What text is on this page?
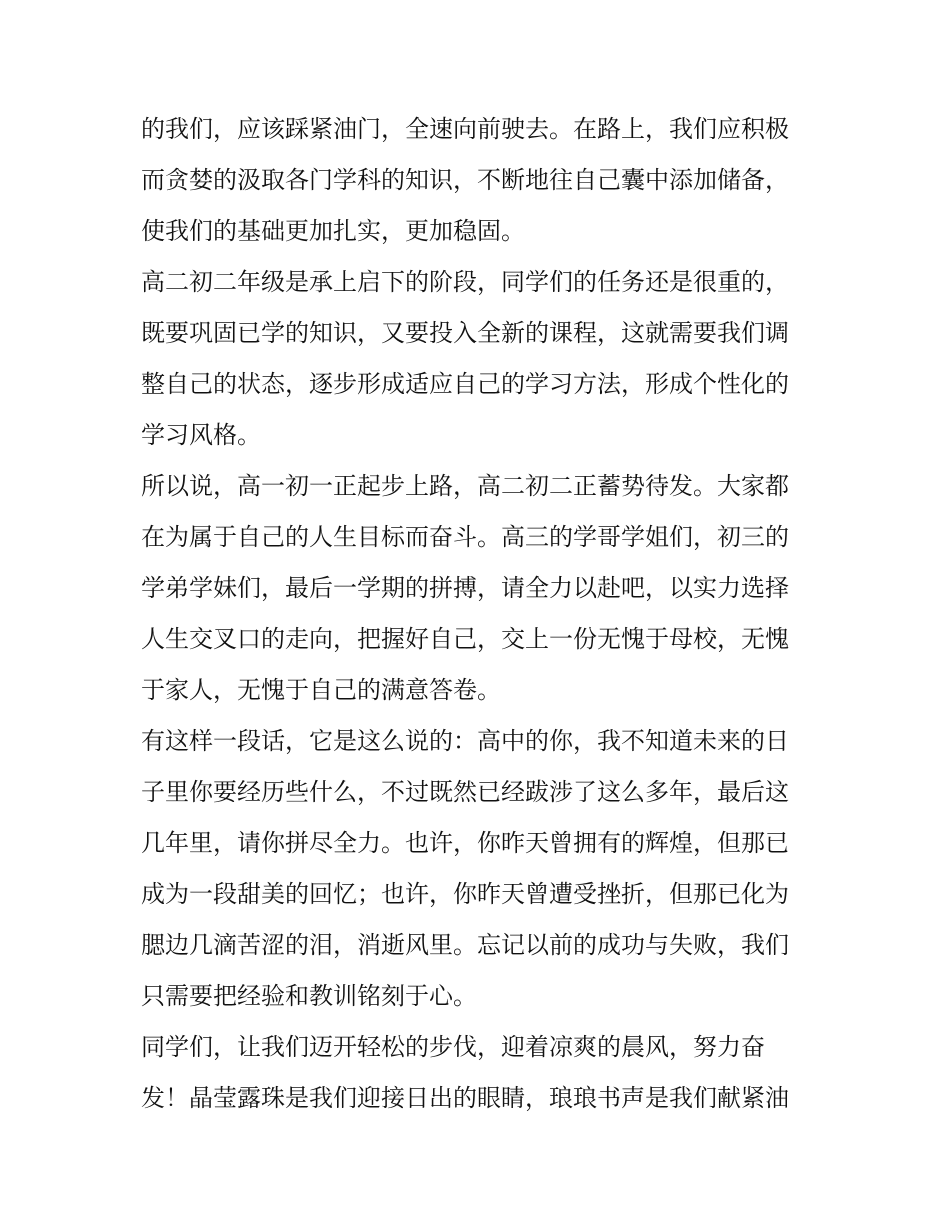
的我们，应该踩紧油门，全速向前驶去。在路上，我们应积极
而贪婪的汲取各门学科的知识，不断地往自己囊中添加储备，
使我们的基础更加扎实，更加稳固。
高二初二年级是承上启下的阶段，同学们的任务还是很重的，
既要巩固已学的知识，又要投入全新的课程，这就需要我们调
整自己的状态，逐步形成适应自己的学习方法，形成个性化的
学习风格。
所以说，高一初一正起步上路，高二初二正蓄势待发。大家都
在为属于自己的人生目标而奋斗。高三的学哥学姐们，初三的
学弟学妹们，最后一学期的拼搏，请全力以赴吧，以实力选择
人生交叉口的走向，把握好自己，交上一份无愧于母校，无愧
于家人，无愧于自己的满意答卷。
有这样一段话，它是这么说的：高中的你，我不知道未来的日
子里你要经历些什么，不过既然已经跋涉了这么多年，最后这
几年里，请你拼尽全力。也许，你昨天曾拥有的辉煌，但那已
成为一段甜美的回忆；也许，你昨天曾遭受挫折，但那已化为
腮边几滴苦涩的泪，消逝风里。忘记以前的成功与失败，我们
只需要把经验和教训铭刻于心。
同学们，让我们迈开轻松的步伐，迎着凉爽的晨风，努力奋
发！晶莹露珠是我们迎接日出的眼睛，琅琅书声是我们献紧油
